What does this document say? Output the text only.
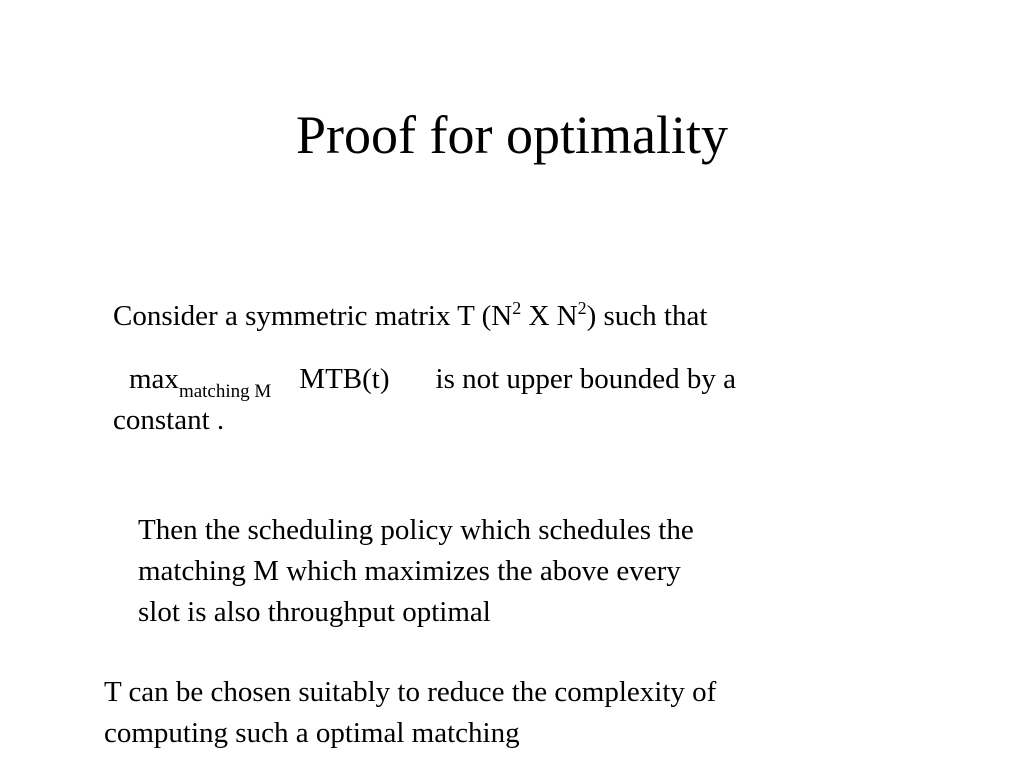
Proof for optimality
Consider a symmetric matrix T ($N^2$ X $N^2$) such that
$\max_{matching M} MTB(t)$ is not upper bounded by a
constant .
Then the scheduling policy which schedules the
matching M which maximizes the above every
slot is also throughput optimal
T can be chosen suitably to reduce the complexity of
computing such a optimal matching
